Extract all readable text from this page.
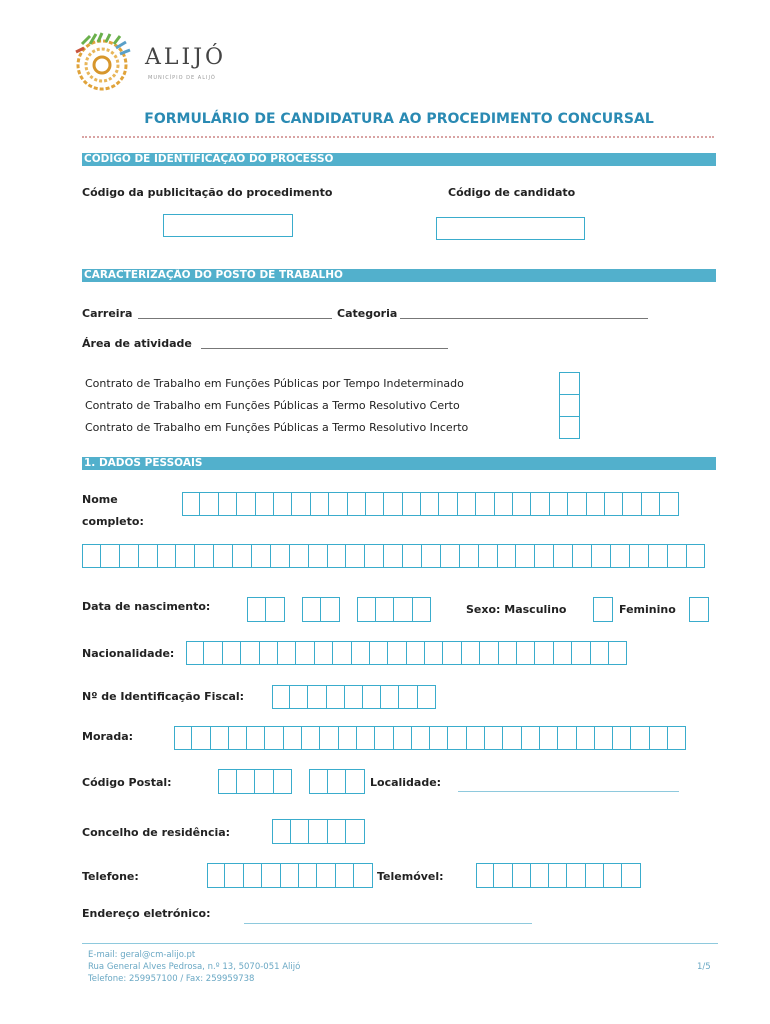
ALIJÓ
MUNICÍPIO DE ALIJÓ
FORMULÁRIO DE CANDIDATURA AO PROCEDIMENTO CONCURSAL
CÓDIGO DE IDENTIFICAÇÃO DO PROCESSO
Código da publicitação do procedimento	Código de candidato
CARACTERIZAÇÃO DO POSTO DE TRABALHO
Carreira	Categoria
Área de atividade
Contrato de Trabalho em Funções Públicas por Tempo Indeterminado
Contrato de Trabalho em Funções Públicas a Termo Resolutivo Certo
Contrato de Trabalho em Funções Públicas a Termo Resolutivo Incerto
1. DADOS PESSOAIS
Nome
completo:
Data de nascimento:	Sexo: Masculino	Feminino
Nacionalidade:
Nº de Identificação Fiscal:
Morada:
Código Postal:	Localidade:
Concelho de residência:
Telefone:	Telemóvel:
Endereço eletrónico:
E-mail: geral@cm-alijo.pt
Rua General Alves Pedrosa, n.º 13, 5070-051 Alijó
Telefone: 259957100 / Fax: 259959738
1/5
